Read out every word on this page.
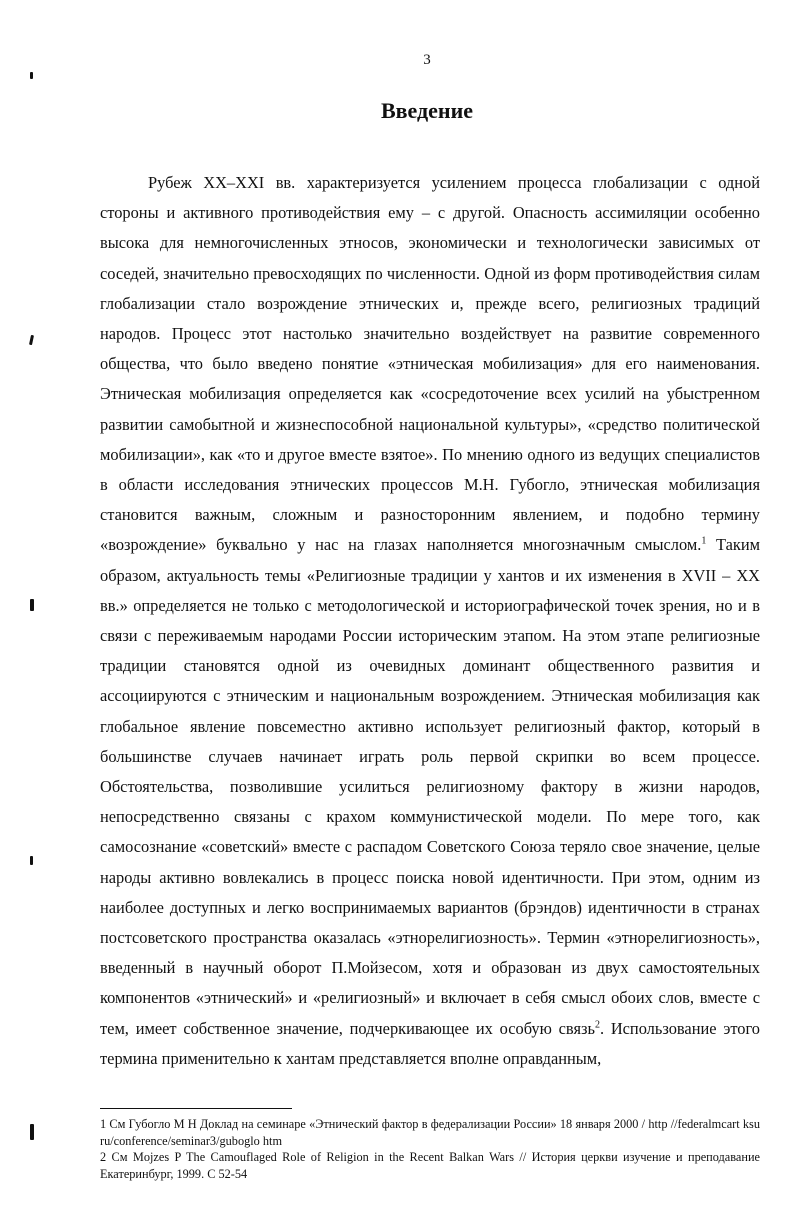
3
Введение

Рубеж XX–XXI вв. характеризуется усилением процесса глобализации с одной стороны и активного противодействия ему – с другой. Опасность ассимиляции особенно высока для немногочисленных этносов, экономически и технологически зависимых от соседей, значительно превосходящих по численности. Одной из форм противодействия силам глобализации стало возрождение этнических и, прежде всего, религиозных традиций народов. Процесс этот настолько значительно воздействует на развитие современного общества, что было введено понятие «этническая мобилизация» для его наименования. Этническая мобилизация определяется как «сосредоточение всех усилий на убыстренном развитии самобытной и жизнеспособной национальной культуры», «средство политической мобилизации», как «то и другое вместе взятое». По мнению одного из ведущих специалистов в области исследования этнических процессов М.Н. Губогло, этническая мобилизация становится важным, сложным и разносторонним явлением, и подобно термину «возрождение» буквально у нас на глазах наполняется многозначным смыслом.$^1$ Таким образом, актуальность темы «Религиозные традиции у хантов и их изменения в XVII – XX вв.» определяется не только с методологической и историографической точек зрения, но и в связи с переживаемым народами России историческим этапом. На этом этапе религиозные традиции становятся одной из очевидных доминант общественного развития и ассоциируются с этническим и национальным возрождением. Этническая мобилизация как глобальное явление повсеместно активно использует религиозный фактор, который в большинстве случаев начинает играть роль первой скрипки во всем процессе. Обстоятельства, позволившие усилиться религиозному фактору в жизни народов, непосредственно связаны с крахом коммунистической модели. По мере того, как самосознание «советский» вместе с распадом Советского Союза теряло свое значение, целые народы активно вовлекались в процесс поиска новой идентичности. При этом, одним из наиболее доступных и легко воспринимаемых вариантов (брэндов) идентичности в странах постсоветского пространства оказалась «этнорелигиозность». Термин «этнорелигиозность», введенный в научный оборот П.Мойзесом, хотя и образован из двух самостоятельных компонентов «этнический» и «религиозный» и включает в себя смысл обоих слов, вместе с тем, имеет собственное значение, подчеркивающее их особую связь$^2$. Использование этого термина применительно к хантам представляется вполне оправданным,

1 См Губогло М Н Доклад на семинаре «Этнический фактор в федерализации России» 18 января 2000 / http //federalmcart ksu ru/conference/seminar3/guboglo htm

2 См Mojzes P The Camouflaged Role of Religion in the Recent Balkan Wars // История церкви изучение и преподавание Екатеринбург, 1999. С 52-54
